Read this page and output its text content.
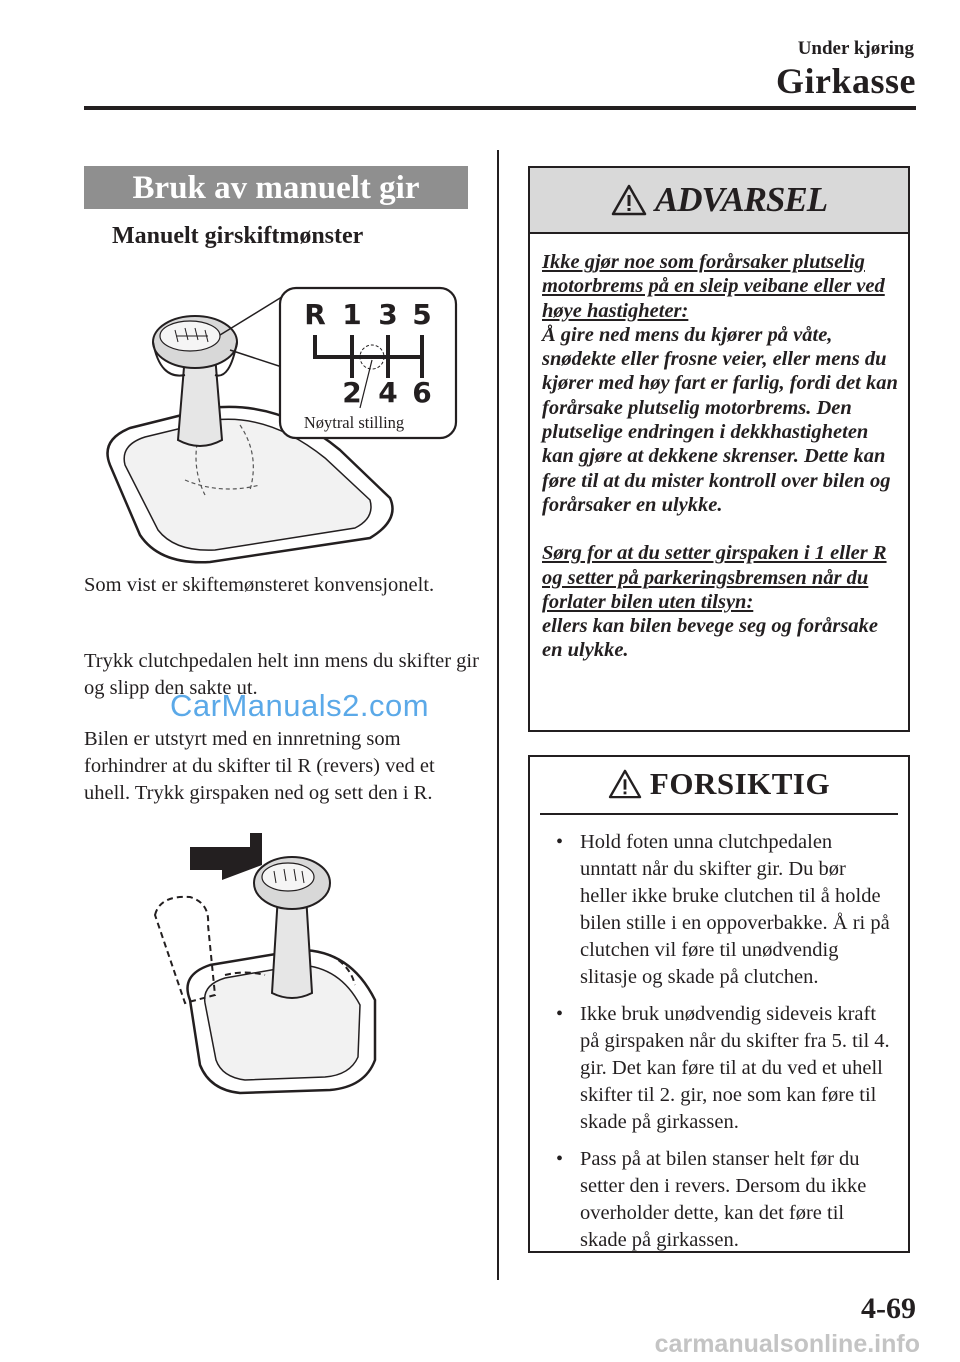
Under kjøring
Girkasse
Bruk av manuelt gir
Manuelt girskiftmønster
R 1 3 5
2 4 6
Nøytral stilling
Som vist er skiftemønsteret konvensjonelt.
Trykk clutchpedalen helt inn mens du skifter gir og slipp den sakte ut.
Bilen er utstyrt med en innretning som forhindrer at du skifter til R (revers) ved et uhell. Trykk girspaken ned og sett den i R.
ADVARSEL
Ikke gjør noe som forårsaker plutselig motorbrems på en sleip veibane eller ved høye hastigheter:
Å gire ned mens du kjører på våte, snødekte eller frosne veier, eller mens du kjører med høy fart er farlig, fordi det kan forårsake plutselig motorbrems. Den plutselige endringen i dekkhastigheten kan gjøre at dekkene skrenser. Dette kan føre til at du mister kontroll over bilen og forårsaker en ulykke.
Sørg for at du setter girspaken i 1 eller R og setter på parkeringsbremsen når du forlater bilen uten tilsyn:
ellers kan bilen bevege seg og forårsake en ulykke.
FORSIKTIG
• Hold foten unna clutchpedalen unntatt når du skifter gir. Du bør heller ikke bruke clutchen til å holde bilen stille i en oppoverbakke. Å ri på clutchen vil føre til unødvendig slitasje og skade på clutchen.
• Ikke bruk unødvendig sideveis kraft på girspaken når du skifter fra 5. til 4. gir. Det kan føre til at du ved et uhell skifter til 2. gir, noe som kan føre til skade på girkassen.
• Pass på at bilen stanser helt før du setter den i revers. Dersom du ikke overholder dette, kan det føre til skade på girkassen.
4-69
CarManuals2.com
carmanualsonline.info
